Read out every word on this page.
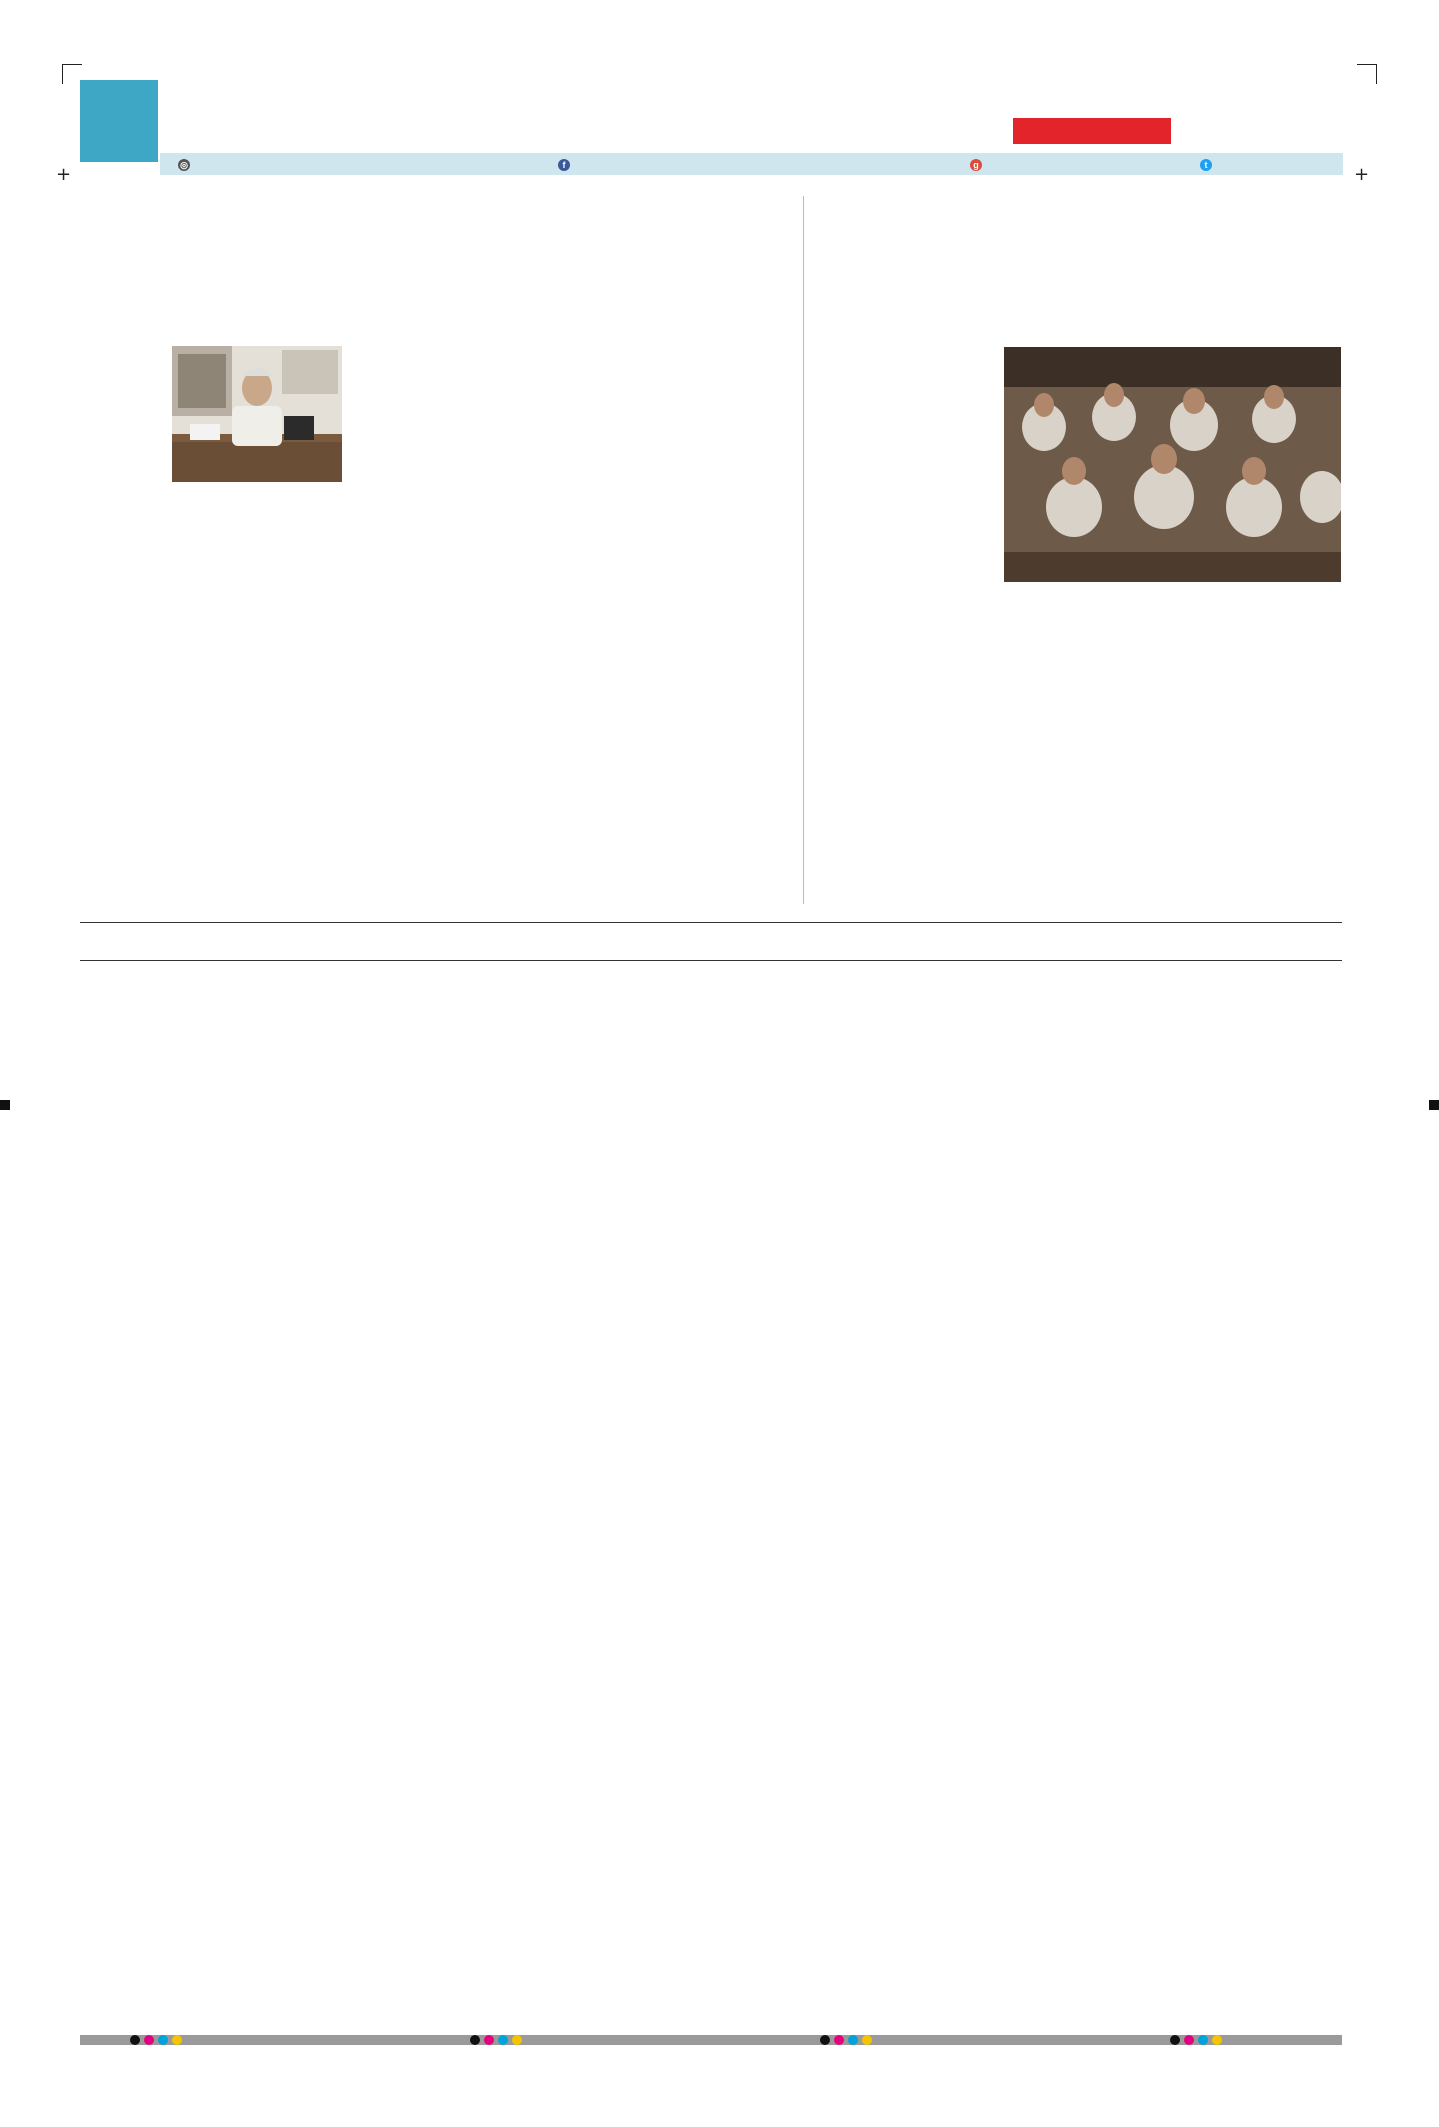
+	+
◎	f	g	t
